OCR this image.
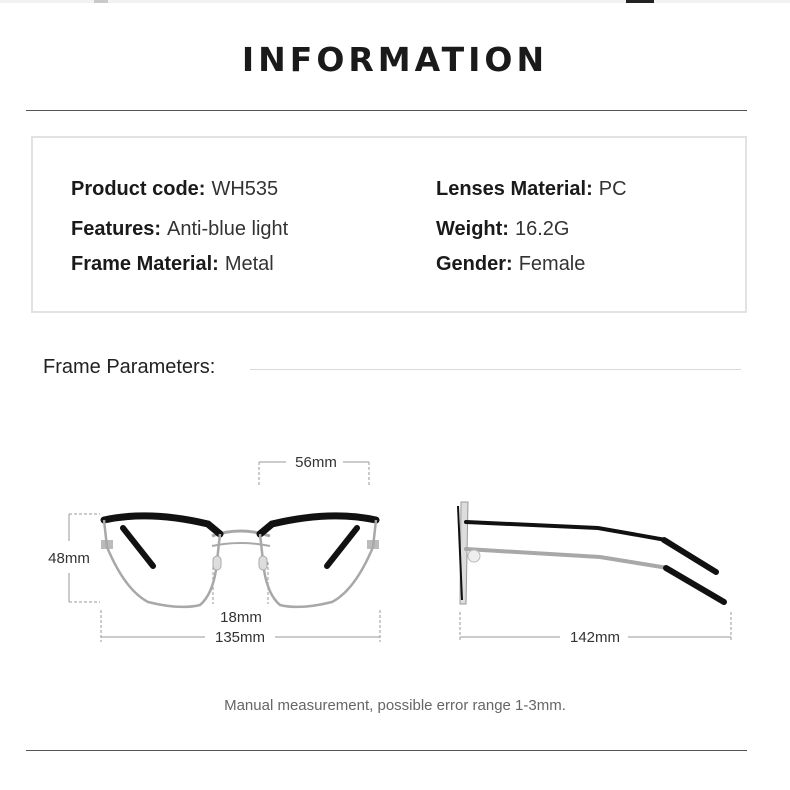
INFORMATION
Product code: WH535
Features: Anti-blue light
Frame Material: Metal
Lenses Material: PC
Weight: 16.2G
Gender: Female
Frame Parameters:
56mm
48mm
18mm
135mm	142mm
Manual measurement, possible error range 1-3mm.
